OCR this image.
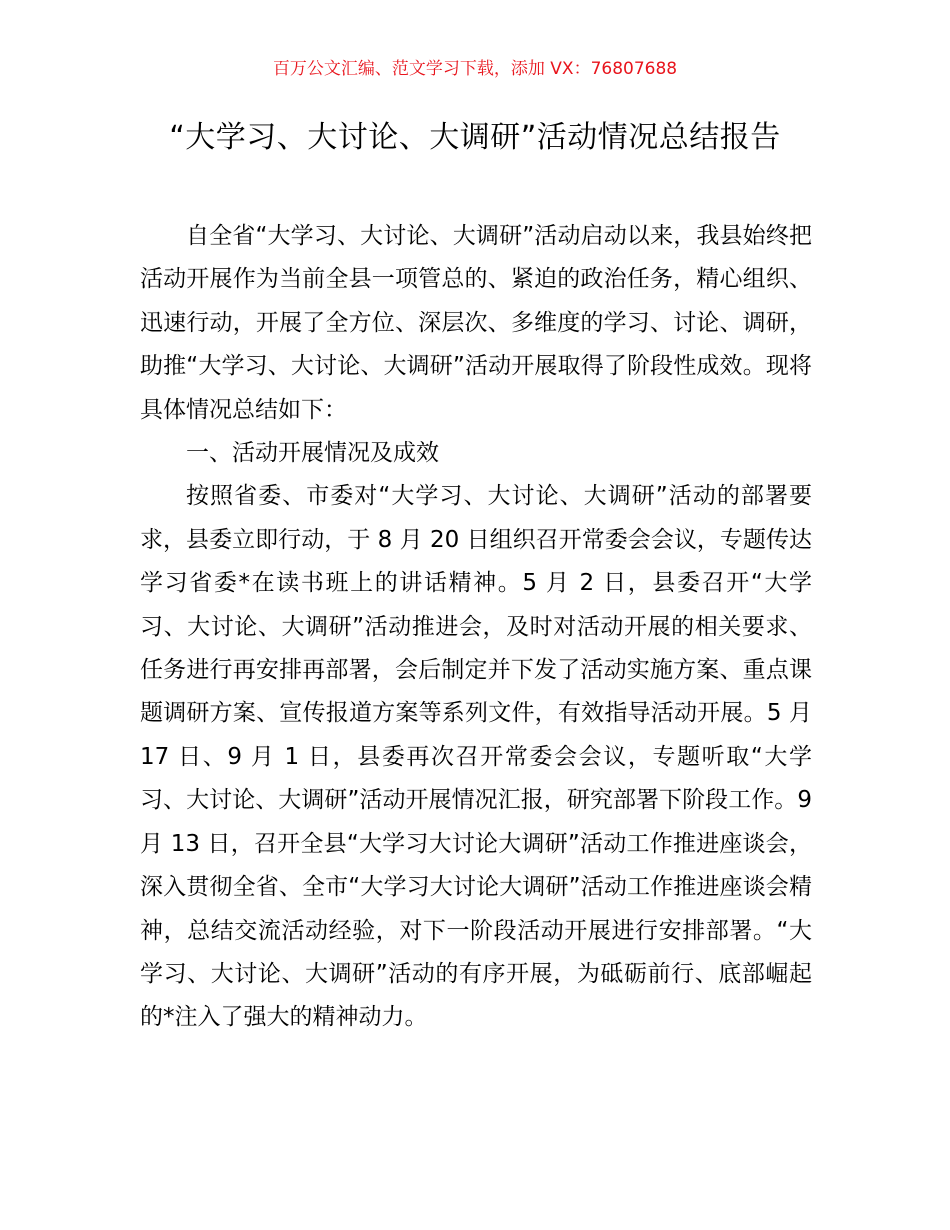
百万公文汇编、范文学习下载，添加 VX：76807688
“大学习、大讨论、大调研”活动情况总结报告

自全省“大学习、大讨论、大调研”活动启动以来，我县始终把活动开展作为当前全县一项管总的、紧迫的政治任务，精心组织、迅速行动，开展了全方位、深层次、多维度的学习、讨论、调研，助推“大学习、大讨论、大调研”活动开展取得了阶段性成效。现将具体情况总结如下：

一、活动开展情况及成效

按照省委、市委对“大学习、大讨论、大调研”活动的部署要求，县委立即行动，于 8 月 20 日组织召开常委会会议，专题传达学习省委*在读书班上的讲话精神。5 月 2 日，县委召开“大学习、大讨论、大调研”活动推进会，及时对活动开展的相关要求、任务进行再安排再部署，会后制定并下发了活动实施方案、重点课题调研方案、宣传报道方案等系列文件，有效指导活动开展。5 月 17 日、9 月 1 日，县委再次召开常委会会议，专题听取“大学习、大讨论、大调研”活动开展情况汇报，研究部署下阶段工作。9 月 13 日，召开全县“大学习大讨论大调研”活动工作推进座谈会，深入贯彻全省、全市“大学习大讨论大调研”活动工作推进座谈会精神，总结交流活动经验，对下一阶段活动开展进行安排部署。“大学习、大讨论、大调研”活动的有序开展，为砥砺前行、底部崛起的*注入了强大的精神动力。
